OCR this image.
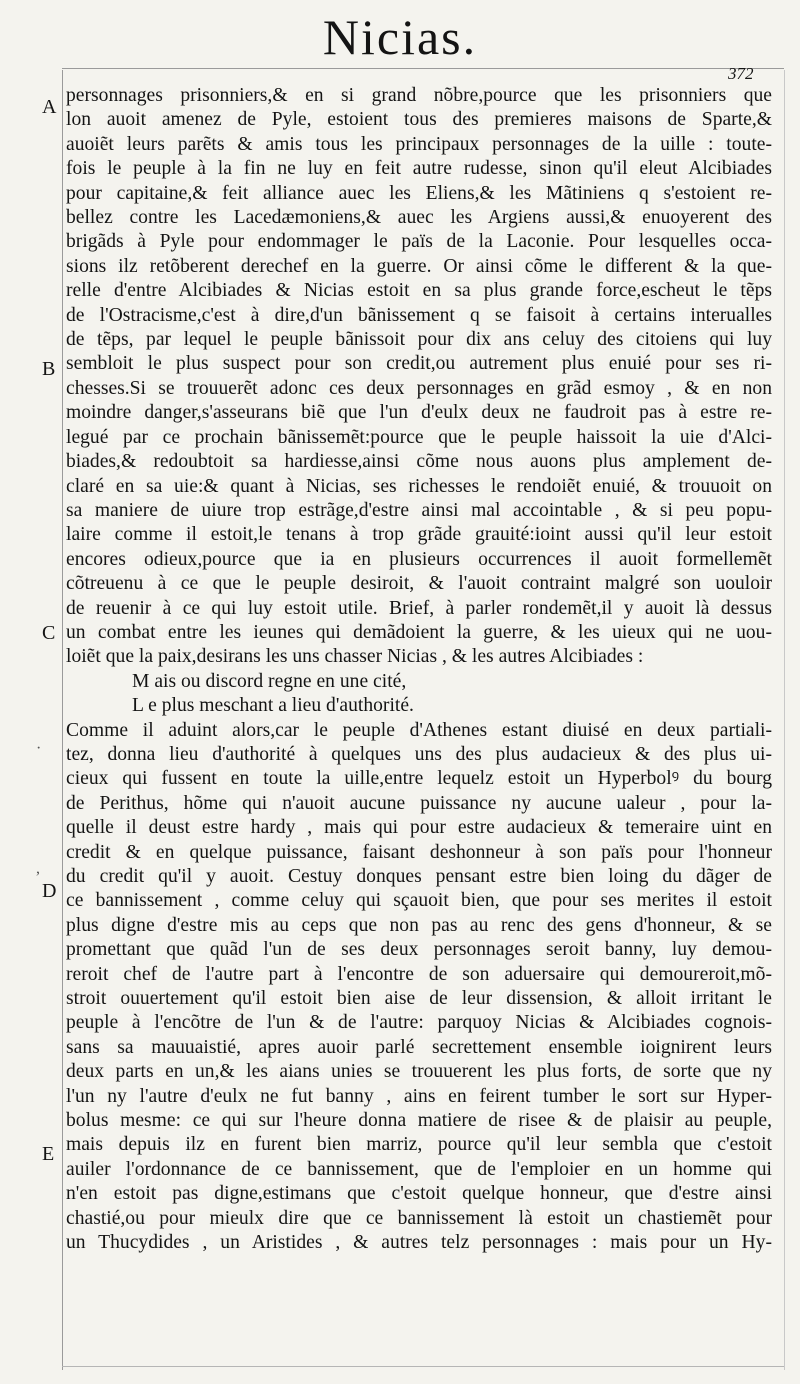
Nicias.
372
A
B
C
D
E
·
,
personnages prisonniers,& en si grand nõbre,pource que les prisonniers que
lon auoit amenez de Pyle, estoient tous des premieres maisons de Sparte,&
auoiẽt leurs parẽts & amis tous les principaux personnages de la uille : toute-
fois le peuple à la fin ne luy en feit autre rudesse, sinon qu'il eleut Alcibiades
pour capitaine,& feit alliance auec les Eliens,& les Mãtiniens q s'estoient re-
bellez contre les Lacedæmoniens,& auec les Argiens aussi,& enuoyerent des
brigãds à Pyle pour endommager le païs de la Laconie. Pour lesquelles occa-
sions ilz retõberent derechef en la guerre. Or ainsi cõme le different & la que-
relle d'entre Alcibiades & Nicias estoit en sa plus grande force,escheut le tẽps
de l'Ostracisme,c'est à dire,d'un bãnissement q se faisoit à certains interualles
de tẽps, par lequel le peuple bãnissoit pour dix ans celuy des citoiens qui luy
sembloit le plus suspect pour son credit,ou autrement plus enuié pour ses ri-
chesses.Si se trouuerẽt adonc ces deux personnages en grãd esmoy , & en non
moindre danger,s'asseurans biẽ que l'un d'eulx deux ne faudroit pas à estre re-
legué par ce prochain bãnissemẽt:pource que le peuple haissoit la uie d'Alci-
biades,& redoubtoit sa hardiesse,ainsi cõme nous auons plus amplement de-
claré en sa uie:& quant à Nicias, ses richesses le rendoiẽt enuié, & trouuoit on
sa maniere de uiure trop estrãge,d'estre ainsi mal accointable , & si peu popu-
laire comme il estoit,le tenans à trop grãde grauité:ioint aussi qu'il leur estoit
encores odieux,pource que ia en plusieurs occurrences il auoit formellemẽt
cõtreuenu à ce que le peuple desiroit, & l'auoit contraint malgré son uouloir
de reuenir à ce qui luy estoit utile. Brief, à parler rondemẽt,il y auoit là dessus
un combat entre les ieunes qui demãdoient la guerre, & les uieux qui ne uou-
loiẽt que la paix,desirans les uns chasser Nicias , & les autres Alcibiades :
M ais ou discord regne en une cité,
L e plus meschant a lieu d'authorité.
Comme il aduint alors,car le peuple d'Athenes estant diuisé en deux partiali-
tez, donna lieu d'authorité à quelques uns des plus audacieux & des plus ui-
cieux qui fussent en toute la uille,entre lequelz estoit un Hyperbolꝰ du bourg
de Perithus, hõme qui n'auoit aucune puissance ny aucune ualeur , pour la-
quelle il deust estre hardy , mais qui pour estre audacieux & temeraire uint en
credit & en quelque puissance, faisant deshonneur à son païs pour l'honneur
du credit qu'il y auoit. Cestuy donques pensant estre bien loing du dãger de
ce bannissement , comme celuy qui sçauoit bien, que pour ses merites il estoit
plus digne d'estre mis au ceps que non pas au renc des gens d'honneur, & se
promettant que quãd l'un de ses deux personnages seroit banny, luy demou-
reroit chef de l'autre part à l'encontre de son aduersaire qui demoureroit,mõ-
stroit ouuertement qu'il estoit bien aise de leur dissension, & alloit irritant le
peuple à l'encõtre de l'un & de l'autre: parquoy Nicias & Alcibiades cognois-
sans sa mauuaistié, apres auoir parlé secrettement ensemble ioignirent leurs
deux parts en un,& les aians unies se trouuerent les plus forts, de sorte que ny
l'un ny l'autre d'eulx ne fut banny , ains en feirent tumber le sort sur Hyper-
bolus mesme: ce qui sur l'heure donna matiere de risee & de plaisir au peuple,
mais depuis ilz en furent bien marriz, pource qu'il leur sembla que c'estoit
auiler l'ordonnance de ce bannissement, que de l'emploier en un homme qui
n'en estoit pas digne,estimans que c'estoit quelque honneur, que d'estre ainsi
chastié,ou pour mieulx dire que ce bannissement là estoit un chastiemẽt pour
un Thucydides , un Aristides , & autres telz personnages : mais pour un Hy-
